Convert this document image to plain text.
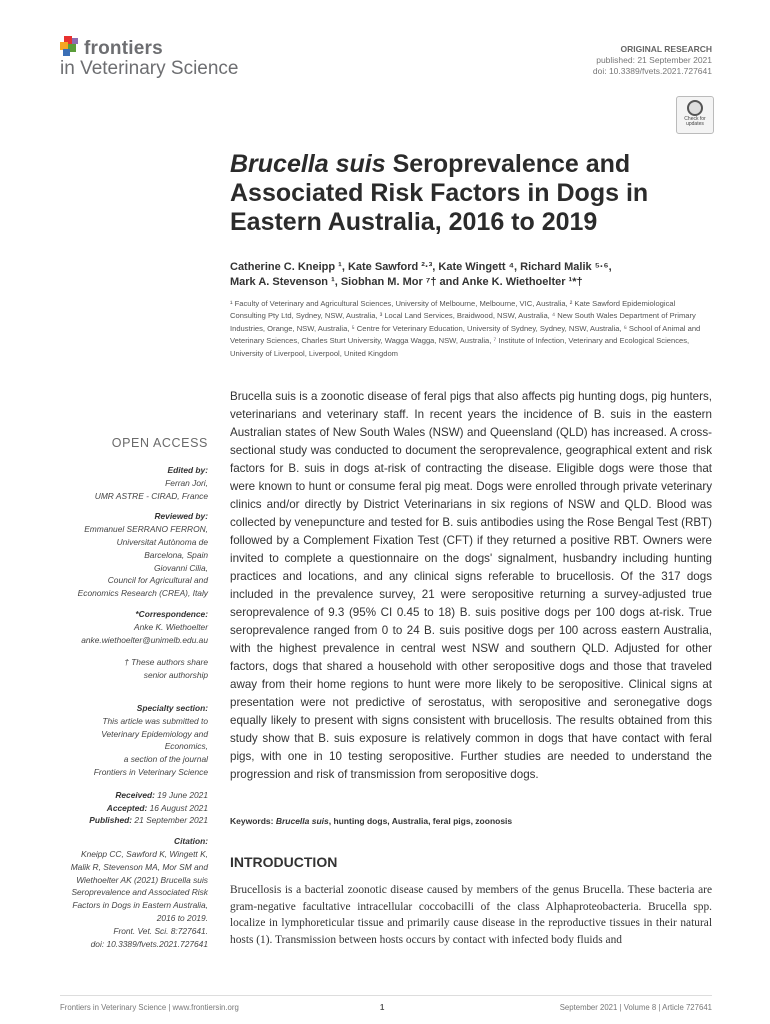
frontiers
in Veterinary Science
ORIGINAL RESEARCH
published: 21 September 2021
doi: 10.3389/fvets.2021.727641
Check for
updates
Brucella suis Seroprevalence and Associated Risk Factors in Dogs in Eastern Australia, 2016 to 2019
Catherine C. Kneipp ¹, Kate Sawford ²·³, Kate Wingett ⁴, Richard Malik ⁵·⁶,
Mark A. Stevenson ¹, Siobhan M. Mor ⁷† and Anke K. Wiethoelter ¹*†
¹ Faculty of Veterinary and Agricultural Sciences, University of Melbourne, Melbourne, VIC, Australia, ² Kate Sawford Epidemiological Consulting Pty Ltd, Sydney, NSW, Australia, ³ Local Land Services, Braidwood, NSW, Australia, ⁴ New South Wales Department of Primary Industries, Orange, NSW, Australia, ⁵ Centre for Veterinary Education, University of Sydney, Sydney, NSW, Australia, ⁶ School of Animal and Veterinary Sciences, Charles Sturt University, Wagga Wagga, NSW, Australia, ⁷ Institute of Infection, Veterinary and Ecological Sciences, University of Liverpool, Liverpool, United Kingdom
Brucella suis is a zoonotic disease of feral pigs that also affects pig hunting dogs, pig hunters, veterinarians and veterinary staff. In recent years the incidence of B. suis in the eastern Australian states of New South Wales (NSW) and Queensland (QLD) has increased. A cross-sectional study was conducted to document the seroprevalence, geographical extent and risk factors for B. suis in dogs at-risk of contracting the disease. Eligible dogs were those that were known to hunt or consume feral pig meat. Dogs were enrolled through private veterinary clinics and/or directly by District Veterinarians in six regions of NSW and QLD. Blood was collected by venepuncture and tested for B. suis antibodies using the Rose Bengal Test (RBT) followed by a Complement Fixation Test (CFT) if they returned a positive RBT. Owners were invited to complete a questionnaire on the dogs' signalment, husbandry including hunting practices and locations, and any clinical signs referable to brucellosis. Of the 317 dogs included in the prevalence survey, 21 were seropositive returning a survey-adjusted true seroprevalence of 9.3 (95% CI 0.45 to 18) B. suis positive dogs per 100 dogs at-risk. True seroprevalence ranged from 0 to 24 B. suis positive dogs per 100 across eastern Australia, with the highest prevalence in central west NSW and southern QLD. Adjusted for other factors, dogs that shared a household with other seropositive dogs and those that traveled away from their home regions to hunt were more likely to be seropositive. Clinical signs at presentation were not predictive of serostatus, with seropositive and seronegative dogs equally likely to present with signs consistent with brucellosis. The results obtained from this study show that B. suis exposure is relatively common in dogs that have contact with feral pigs, with one in 10 testing seropositive. Further studies are needed to understand the progression and risk of transmission from seropositive dogs.
Keywords: Brucella suis, hunting dogs, Australia, feral pigs, zoonosis
INTRODUCTION
Brucellosis is a bacterial zoonotic disease caused by members of the genus Brucella. These bacteria are gram-negative facultative intracellular coccobacilli of the class Alphaproteobacteria. Brucella spp. localize in lymphoreticular tissue and primarily cause disease in the reproductive tissues in their natural hosts (1). Transmission between hosts occurs by contact with infected body fluids and
OPEN ACCESS
Edited by:
Ferran Jori,
UMR ASTRE - CIRAD, France
Reviewed by:
Emmanuel SERRANO FERRON,
Universitat Autònoma de
Barcelona, Spain
Giovanni Cilia,
Council for Agricultural and
Economics Research (CREA), Italy
*Correspondence:
Anke K. Wiethoelter
anke.wiethoelter@unimelb.edu.au
† These authors share
senior authorship
Specialty section:
This article was submitted to
Veterinary Epidemiology and
Economics,
a section of the journal
Frontiers in Veterinary Science
Received: 19 June 2021
Accepted: 16 August 2021
Published: 21 September 2021
Citation:
Kneipp CC, Sawford K, Wingett K,
Malik R, Stevenson MA, Mor SM and
Wiethoelter AK (2021) Brucella suis
Seroprevalence and Associated Risk
Factors in Dogs in Eastern Australia,
2016 to 2019.
Front. Vet. Sci. 8:727641.
doi: 10.3389/fvets.2021.727641
Frontiers in Veterinary Science | www.frontiersin.org	1	September 2021 | Volume 8 | Article 727641
